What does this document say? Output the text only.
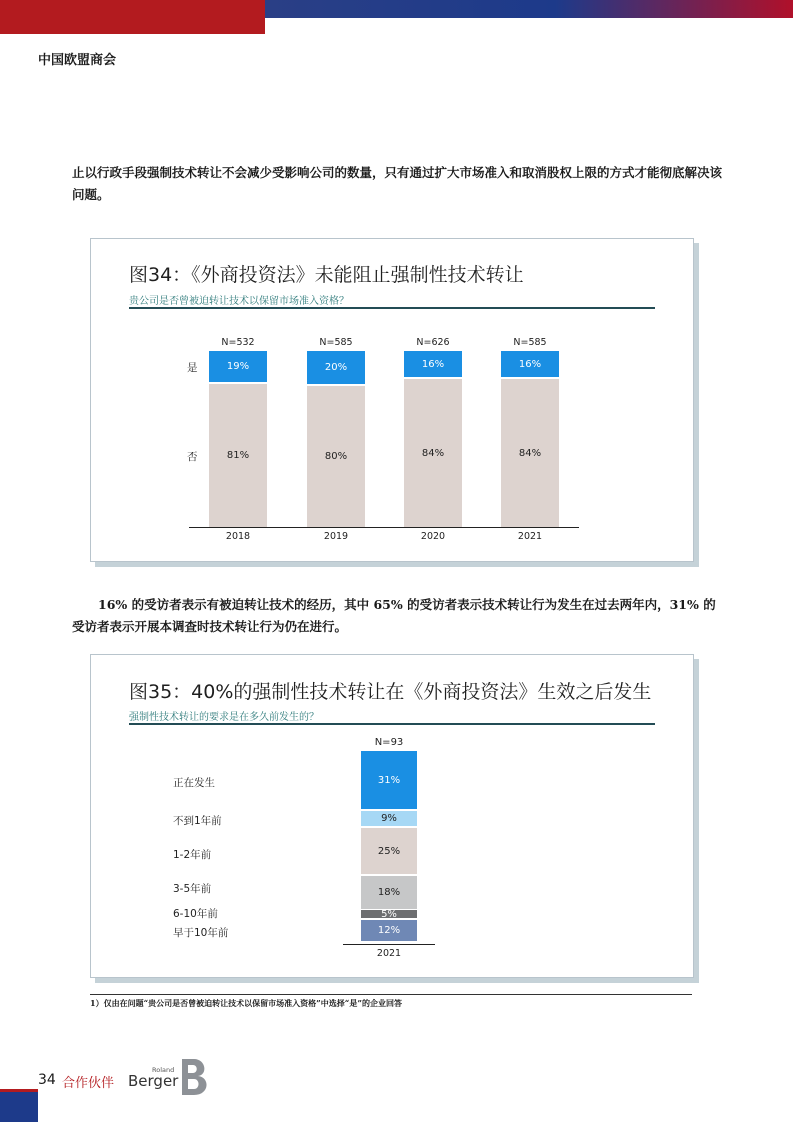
中国欧盟商会
止以行政手段强制技术转让不会减少受影响公司的数量，只有通过扩大市场准入和取消股权上限的方式才能彻底解决该问题。
图34：《外商投资法》未能阻止强制性技术转让
贵公司是否曾被迫转让技术以保留市场准入资格？
是
否
N=532
19%
81%
2018
N=585
20%
80%
2019
N=626
16%
84%
2020
N=585
16%
84%
2021
16% 的受访者表示有被迫转让技术的经历，其中 65% 的受访者表示技术转让行为发生在过去两年内，31% 的受访者表示开展本调查时技术转让行为仍在进行。
图35：40%的强制性技术转让在《外商投资法》生效之后发生
强制性技术转让的要求是在多久前发生的？
N=93
31%
正在发生
9%
不到1年前
25%
1-2年前
18%
3-5年前
5%
6-10年前
12%
早于10年前
2021
1）仅由在问题“贵公司是否曾被迫转让技术以保留市场准入资格”中选择“是”的企业回答
34 合作伙伴
Roland
Berger
